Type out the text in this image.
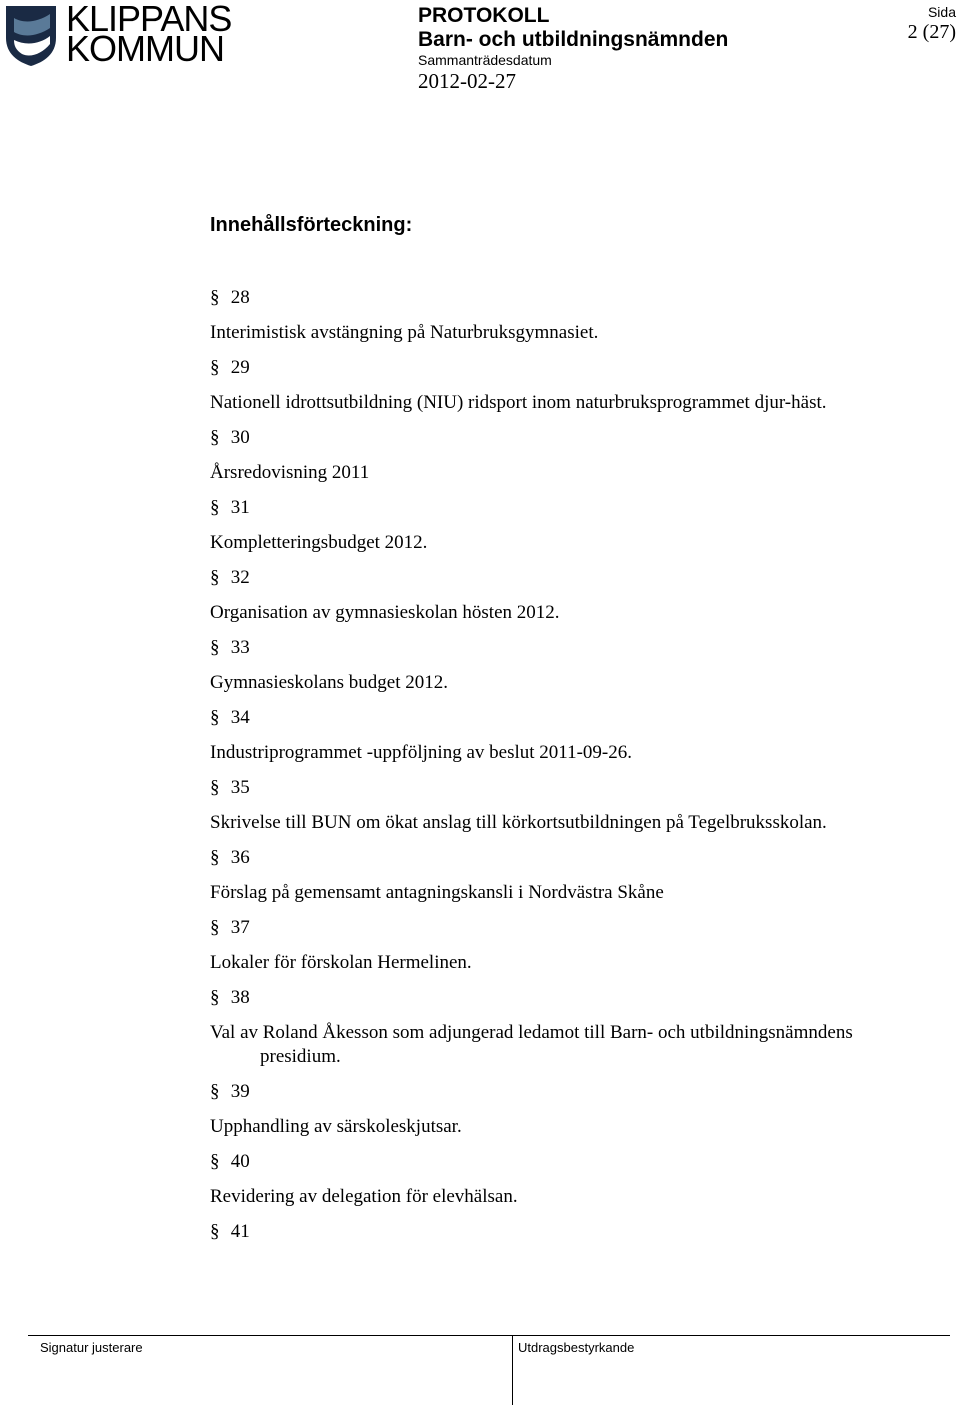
KLIPPANS
KOMMUN
PROTOKOLL
Barn- och utbildningsnämnden
Sammanträdesdatum
2012-02-27
Sida
2 (27)
Innehållsförteckning:
§ 28
Interimistisk avstängning på Naturbruksgymnasiet.
§ 29
Nationell idrottsutbildning (NIU) ridsport inom naturbruksprogrammet djur-häst.
§ 30
Årsredovisning 2011
§ 31
Kompletteringsbudget 2012.
§ 32
Organisation av gymnasieskolan hösten 2012.
§ 33
Gymnasieskolans budget 2012.
§ 34
Industriprogrammet -uppföljning av beslut 2011-09-26.
§ 35
Skrivelse till BUN om ökat anslag till körkortsutbildningen på Tegelbruksskolan.
§ 36
Förslag på gemensamt antagningskansli i Nordvästra Skåne
§ 37
Lokaler för förskolan Hermelinen.
§ 38
Val av Roland Åkesson som adjungerad ledamot till Barn- och utbildningsnämndens presidium.
§ 39
Upphandling av särskoleskjutsar.
§ 40
Revidering av delegation för elevhälsan.
§ 41
Signatur justerare	Utdragsbestyrkande
